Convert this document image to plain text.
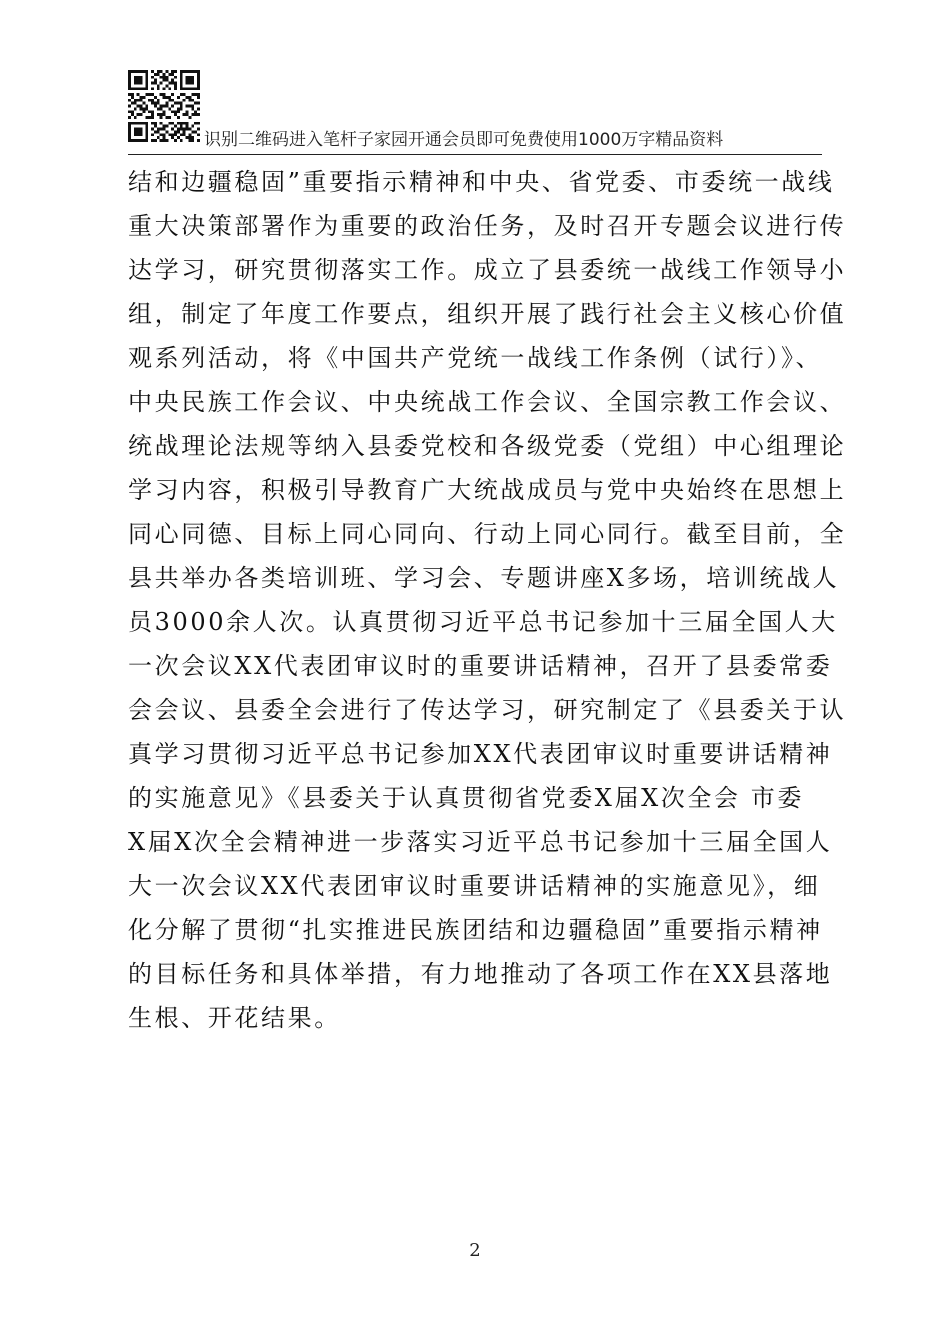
识别二维码进入笔杆子家园开通会员即可免费使用1000万字精品资料
结和边疆稳固”重要指示精神和中央、省党委、市委统一战线
重大决策部署作为重要的政治任务，及时召开专题会议进行传
达学习，研究贯彻落实工作。成立了县委统一战线工作领导小
组，制定了年度工作要点，组织开展了践行社会主义核心价值
观系列活动，将《中国共产党统一战线工作条例（试行）》、
中央民族工作会议、中央统战工作会议、全国宗教工作会议、
统战理论法规等纳入县委党校和各级党委（党组）中心组理论
学习内容，积极引导教育广大统战成员与党中央始终在思想上
同心同德、目标上同心同向、行动上同心同行。截至目前，全
县共举办各类培训班、学习会、专题讲座X多场，培训统战人
员3000余人次。认真贯彻习近平总书记参加十三届全国人大
一次会议XX代表团审议时的重要讲话精神，召开了县委常委
会会议、县委全会进行了传达学习，研究制定了《县委关于认
真学习贯彻习近平总书记参加XX代表团审议时重要讲话精神
的实施意见》《县委关于认真贯彻省党委X届X次全会 市委
X届X次全会精神进一步落实习近平总书记参加十三届全国人
大一次会议XX代表团审议时重要讲话精神的实施意见》，细
化分解了贯彻“扎实推进民族团结和边疆稳固”重要指示精神
的目标任务和具体举措，有力地推动了各项工作在XX县落地
生根、开花结果。
2
